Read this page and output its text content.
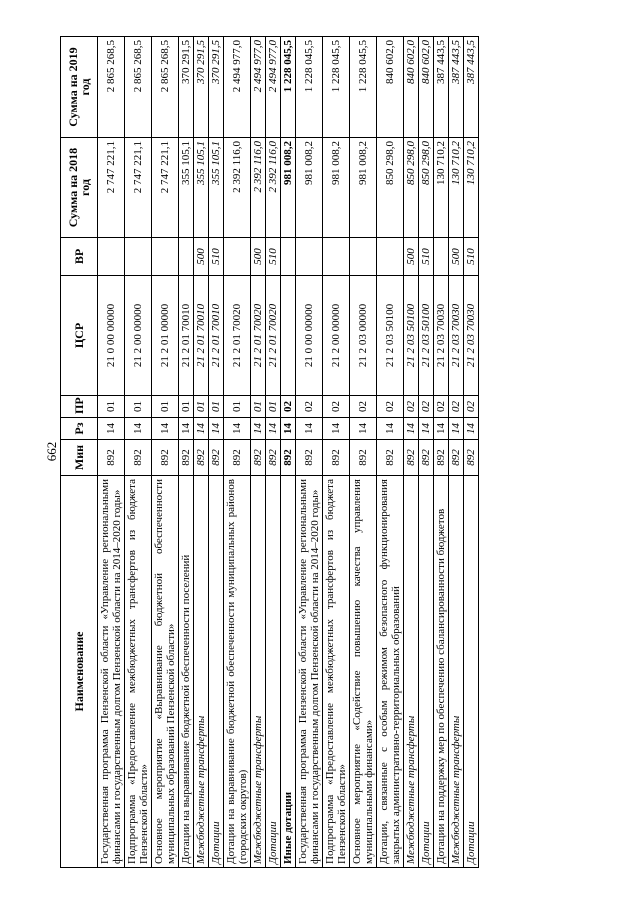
662
Наименование	Мин	Рз	ПР	ЦСР	ВР	Сумма на 2018 год	Сумма на 2019 год
Государственная программа Пензенской области «Управление региональными финансами и государственным долгом Пензенской области на 2014–2020 годы»	892	14	01	21 0 00 00000		2 747 221,1	2 865 268,5
Подпрограмма «Предоставление межбюджетных трансфертов из бюджета Пензенской области»	892	14	01	21 2 00 00000		2 747 221,1	2 865 268,5
Основное мероприятие «Выравнивание бюджетной обеспеченности муниципальных образований Пензенской области»	892	14	01	21 2 01 00000		2 747 221,1	2 865 268,5
Дотации на выравнивание бюджетной обеспеченности поселений	892	14	01	21 2 01 70010		355 105,1	370 291,5
Межбюджетные трансферты	892	14	01	21 2 01 70010	500	355 105,1	370 291,5
Дотации	892	14	01	21 2 01 70010	510	355 105,1	370 291,5
Дотации на выравнивание бюджетной обеспеченности муниципальных районов (городских округов)	892	14	01	21 2 01 70020		2 392 116,0	2 494 977,0
Межбюджетные трансферты	892	14	01	21 2 01 70020	500	2 392 116,0	2 494 977,0
Дотации	892	14	01	21 2 01 70020	510	2 392 116,0	2 494 977,0
Иные дотации	892	14	02			981 008,2	1 228 045,5
Государственная программа Пензенской области «Управление региональными финансами и государственным долгом Пензенской области на 2014–2020 годы»	892	14	02	21 0 00 00000		981 008,2	1 228 045,5
Подпрограмма «Предоставление межбюджетных трансфертов из бюджета Пензенской области»	892	14	02	21 2 00 00000		981 008,2	1 228 045,5
Основное мероприятие «Содействие повышению качества управления муниципальными финансами»	892	14	02	21 2 03 00000		981 008,2	1 228 045,5
Дотации, связанные с особым режимом безопасного функционирования закрытых административно-территориальных образований	892	14	02	21 2 03 50100		850 298,0	840 602,0
Межбюджетные трансферты	892	14	02	21 2 03 50100	500	850 298,0	840 602,0
Дотации	892	14	02	21 2 03 50100	510	850 298,0	840 602,0
Дотации на поддержку мер по обеспечению сбалансированности бюджетов	892	14	02	21 2 03 70030		130 710,2	387 443,5
Межбюджетные трансферты	892	14	02	21 2 03 70030	500	130 710,2	387 443,5
Дотации	892	14	02	21 2 03 70030	510	130 710,2	387 443,5
